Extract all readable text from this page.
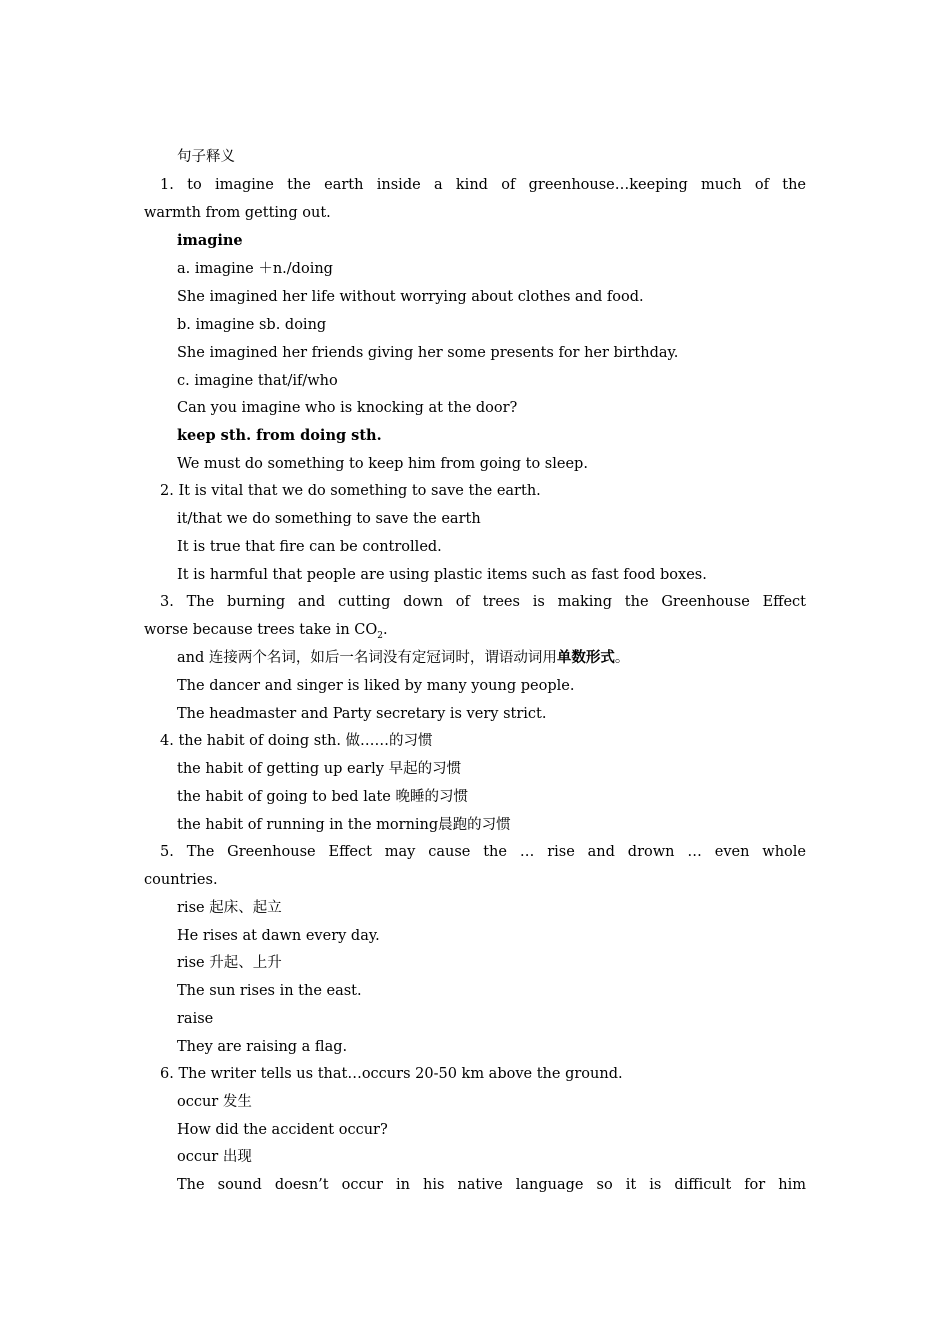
句子释义
1. to imagine the earth inside a kind of greenhouse…keeping much of the
warmth from getting out.
imagine
a. imagine ＋n./doing
She imagined her life without worrying about clothes and food.
b. imagine sb. doing
She imagined her friends giving her some presents for her birthday.
c. imagine that/if/who
Can you imagine who is knocking at the door?
keep sth. from doing sth.
We must do something to keep him from going to sleep.
2. It is vital that we do something to save the earth.
it/that we do something to save the earth
It is true that fire can be controlled.
It is harmful that people are using plastic items such as fast food boxes.
3. The burning and cutting down of trees is making the Greenhouse Effect
worse because trees take in $CO_2$.
and 连接两个名词，如后一名词没有定冠词时，谓语动词用单数形式。
The dancer and singer is liked by many young people.
The headmaster and Party secretary is very strict.
4. the habit of doing sth. 做……的习惯
the habit of getting up early 早起的习惯
the habit of going to bed late 晚睡的习惯
the habit of running in the morning晨跑的习惯
5. The Greenhouse Effect may cause the … rise and drown … even whole
countries.
rise 起床、起立
He rises at dawn every day.
rise 升起、上升
The sun rises in the east.
raise
They are raising a flag.
6. The writer tells us that…occurs 20-50 km above the ground.
occur 发生
How did the accident occur?
occur 出现
The sound doesn’t occur in his native language so it is difficult for him
